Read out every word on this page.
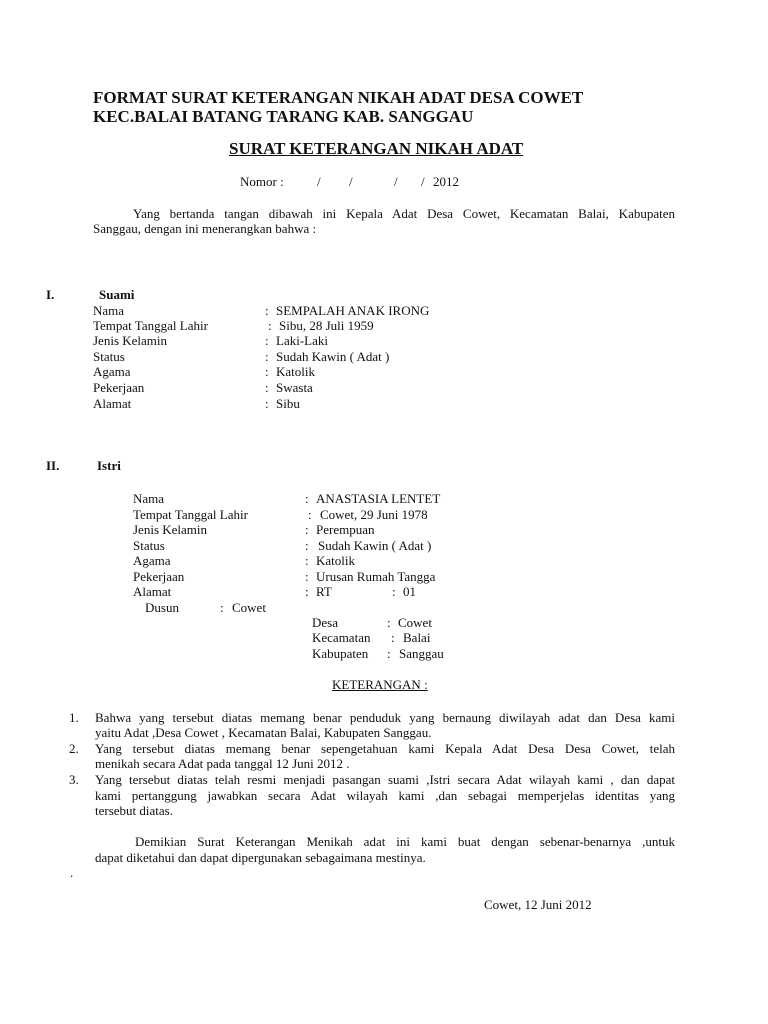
FORMAT SURAT KETERANGAN NIKAH ADAT DESA COWET
KEC.BALAI BATANG TARANG KAB. SANGGAU
SURAT KETERANGAN NIKAH ADAT
Nomor :	/ /	/ / 2012
Yang bertanda tangan dibawah ini Kepala Adat Desa Cowet, Kecamatan Balai, Kabupaten
Sanggau, dengan ini menerangkan bahwa :
I.	Suami
Nama	: SEMPALAH ANAK IRONG
Tempat Tanggal Lahir	: Sibu, 28 Juli 1959
Jenis Kelamin	: Laki-Laki
Status	: Sudah Kawin ( Adat )
Agama	: Katolik
Pekerjaan	: Swasta
Alamat	: Sibu
II.	Istri
Nama	: ANASTASIA LENTET
Tempat Tanggal Lahir	: Cowet, 29 Juni 1978
Jenis Kelamin	: Perempuan
Status	: Sudah Kawin ( Adat )
Agama	: Katolik
Pekerjaan	: Urusan Rumah Tangga
Alamat	: RT	: 01
Dusun	: Cowet
Desa	: Cowet
Kecamatan : Balai
Kabupaten : Sanggau
KETERANGAN :
1. Bahwa yang tersebut diatas memang benar penduduk yang bernaung diwilayah adat dan Desa kami
yaitu Adat ,Desa Cowet , Kecamatan Balai, Kabupaten Sanggau.
2. Yang tersebut diatas memang benar sepengetahuan kami Kepala Adat Desa Desa Cowet, telah
menikah secara Adat pada tanggal 12 Juni 2012 .
3. Yang tersebut diatas telah resmi menjadi pasangan suami ,Istri secara Adat wilayah kami , dan dapat
kami pertanggung jawabkan secara Adat wilayah kami ,dan sebagai memperjelas identitas yang
tersebut diatas.
Demikian Surat Keterangan Menikah adat ini kami buat dengan sebenar-benarnya ,untuk
dapat diketahui dan dapat dipergunakan sebagaimana mestinya.
.
Cowet, 12 Juni 2012
